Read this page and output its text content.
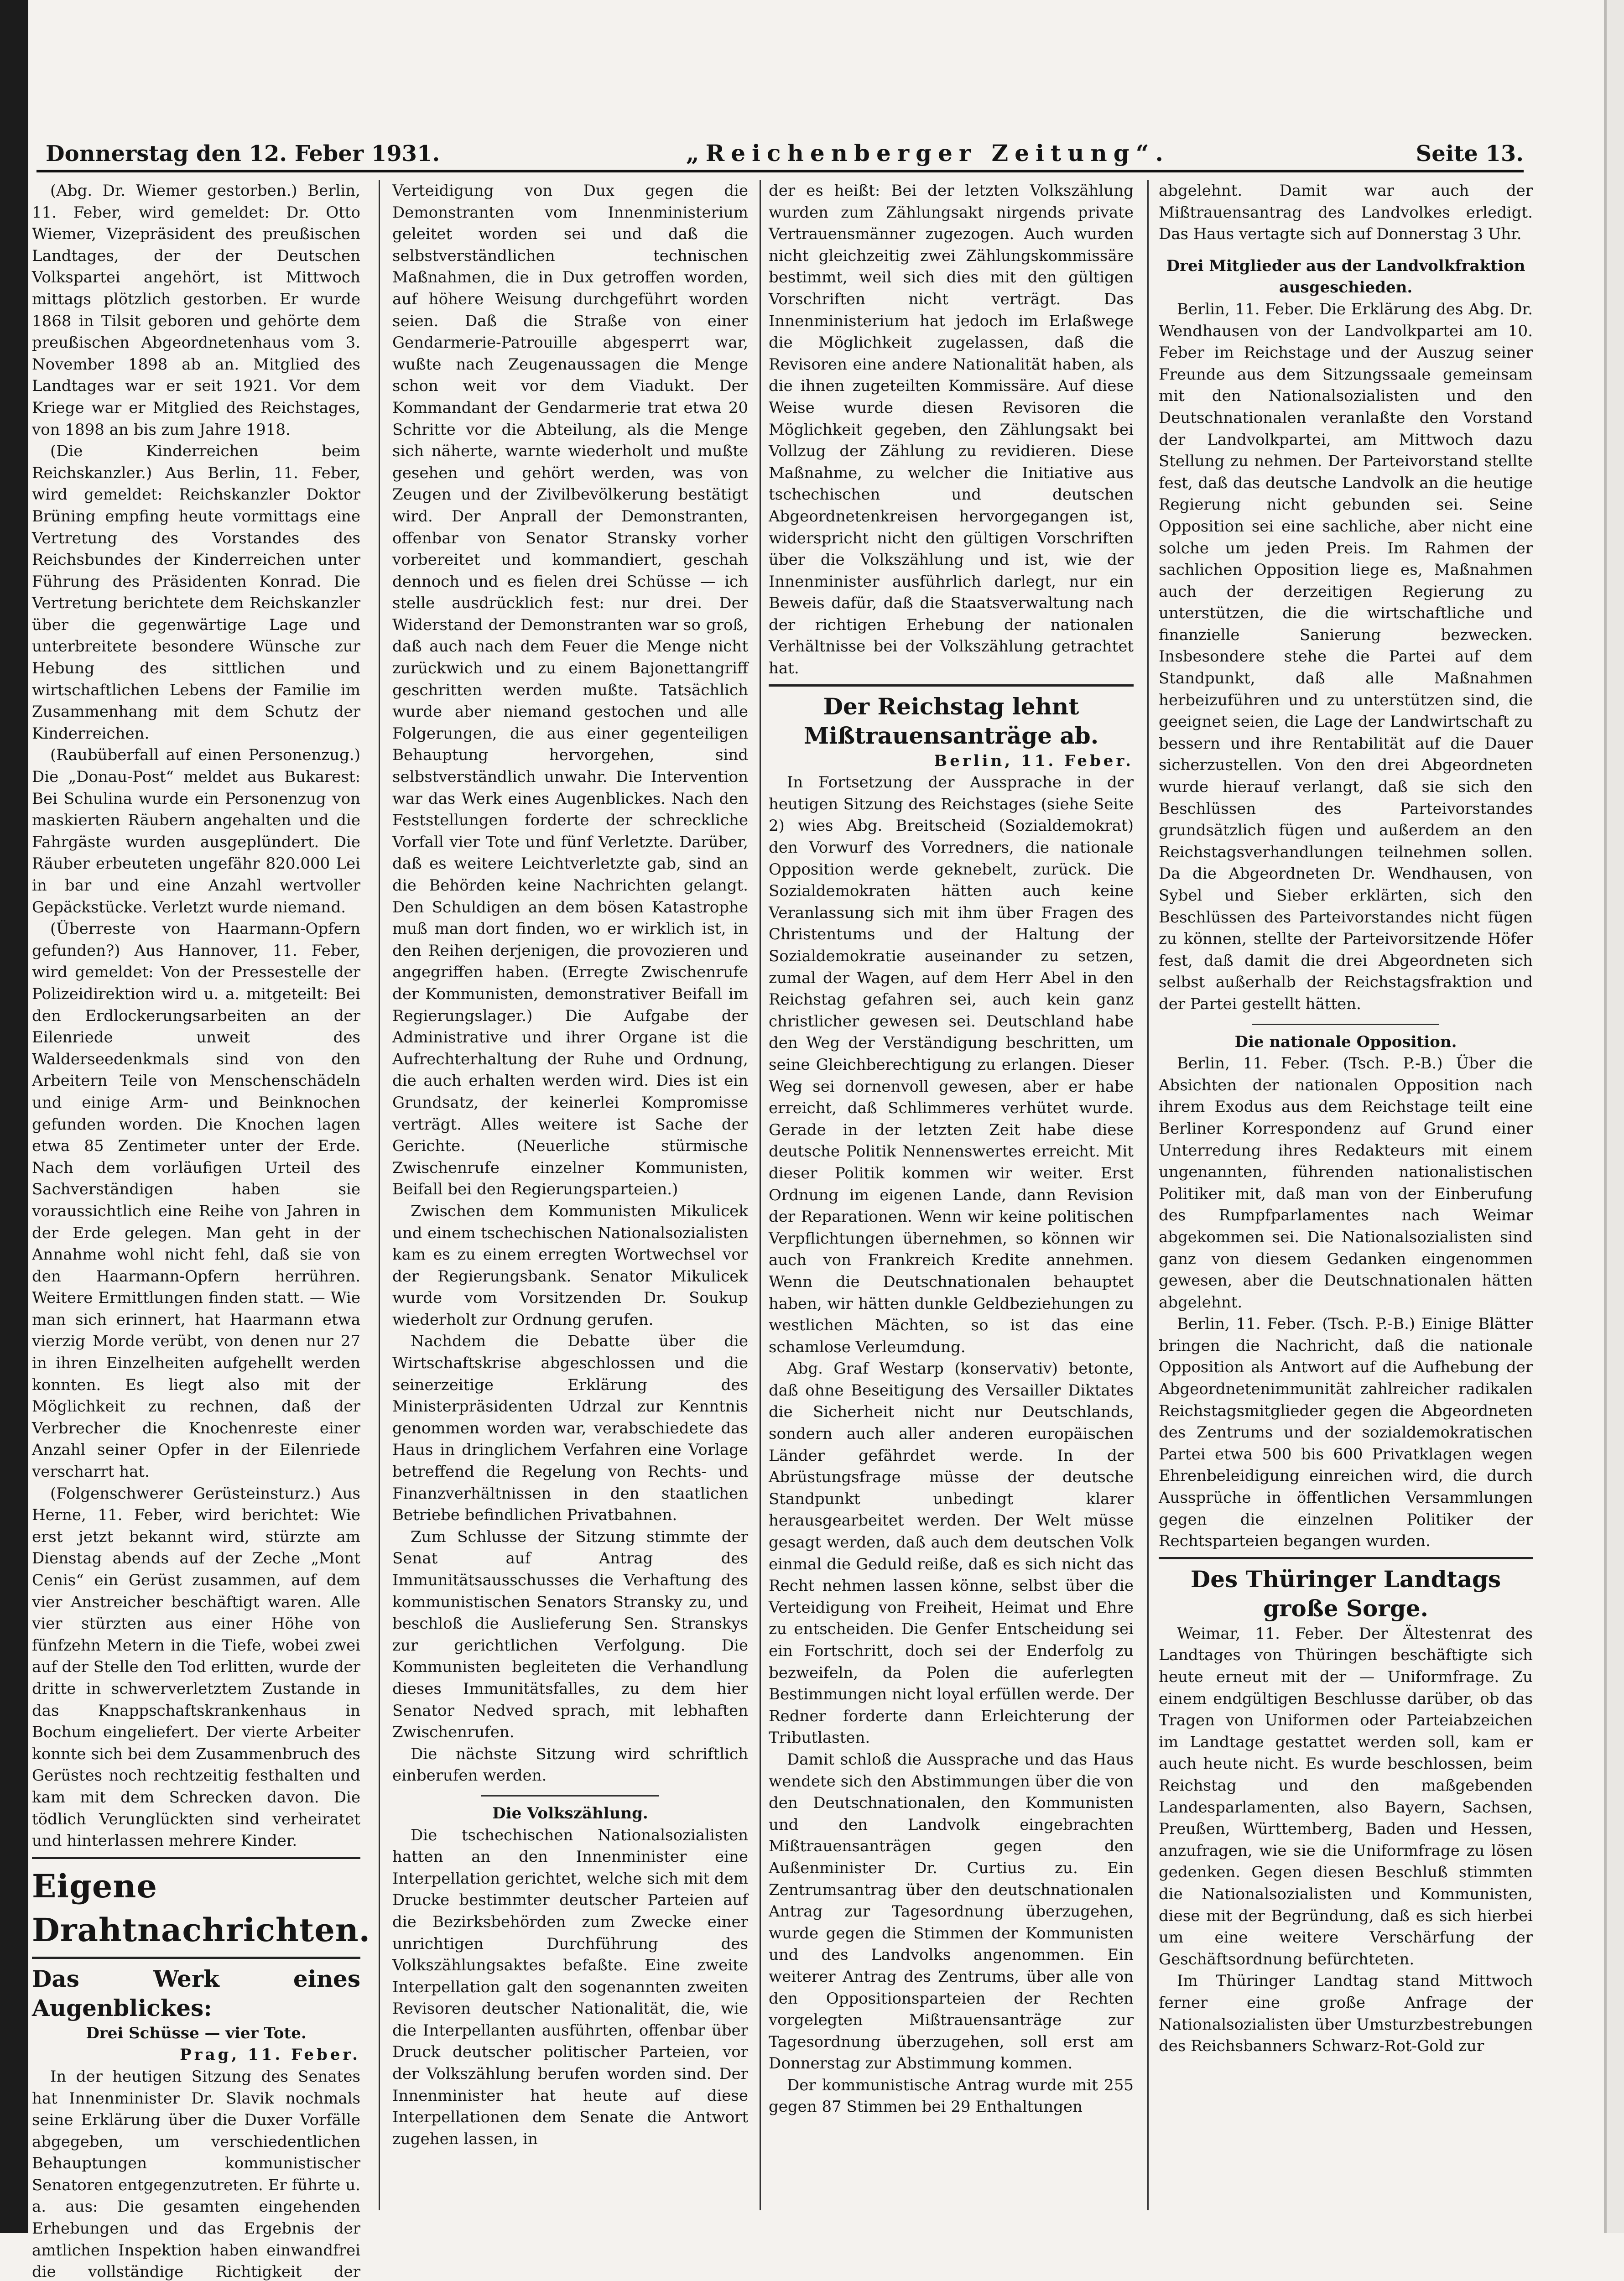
Donnerstag den 12. Feber 1931.	„Reichenberger Zeitung“.	Seite 13.

(Abg. Dr. Wiemer gestorben.) Berlin, 11. Feber, wird gemeldet: Dr. Otto Wiemer, Vizepräsident des preußischen Landtages, der der Deutschen Volkspartei angehört, ist Mittwoch mittags plötzlich gestorben. Er wurde 1868 in Tilsit geboren und gehörte dem preußischen Abgeordnetenhaus vom 3. November 1898 ab an. Mitglied des Landtages war er seit 1921. Vor dem Kriege war er Mitglied des Reichstages, von 1898 an bis zum Jahre 1918.

(Die Kinderreichen beim Reichskanzler.) Aus Berlin, 11. Feber, wird gemeldet: Reichskanzler Doktor Brüning empfing heute vormittags eine Vertretung des Vorstandes des Reichsbundes der Kinderreichen unter Führung des Präsidenten Konrad. Die Vertretung berichtete dem Reichskanzler über die gegenwärtige Lage und unterbreitete besondere Wünsche zur Hebung des sittlichen und wirtschaftlichen Lebens der Familie im Zusammenhang mit dem Schutz der Kinderreichen.

(Raubüberfall auf einen Personenzug.) Die „Donau-Post“ meldet aus Bukarest: Bei Schulina wurde ein Personenzug von maskierten Räubern angehalten und die Fahrgäste wurden ausgeplündert. Die Räuber erbeuteten ungefähr 820.000 Lei in bar und eine Anzahl wertvoller Gepäckstücke. Verletzt wurde niemand.

(Überreste von Haarmann-Opfern gefunden?) Aus Hannover, 11. Feber, wird gemeldet: Von der Pressestelle der Polizeidirektion wird u. a. mitgeteilt: Bei den Erdlockerungsarbeiten an der Eilenriede unweit des Walderseedenkmals sind von den Arbeitern Teile von Menschenschädeln und einige Arm- und Beinknochen gefunden worden. Die Knochen lagen etwa 85 Zentimeter unter der Erde. Nach dem vorläufigen Urteil des Sachverständigen haben sie voraussichtlich eine Reihe von Jahren in der Erde gelegen. Man geht in der Annahme wohl nicht fehl, daß sie von den Haarmann-Opfern herrühren. Weitere Ermittlungen finden statt. — Wie man sich erinnert, hat Haarmann etwa vierzig Morde verübt, von denen nur 27 in ihren Einzelheiten aufgehellt werden konnten. Es liegt also mit der Möglichkeit zu rechnen, daß der Verbrecher die Knochenreste einer Anzahl seiner Opfer in der Eilenriede verscharrt hat.

(Folgenschwerer Gerüsteinsturz.) Aus Herne, 11. Feber, wird berichtet: Wie erst jetzt bekannt wird, stürzte am Dienstag abends auf der Zeche „Mont Cenis“ ein Gerüst zusammen, auf dem vier Anstreicher beschäftigt waren. Alle vier stürzten aus einer Höhe von fünfzehn Metern in die Tiefe, wobei zwei auf der Stelle den Tod erlitten, wurde der dritte in schwerverletztem Zustande in das Knappschaftskrankenhaus in Bochum eingeliefert. Der vierte Arbeiter konnte sich bei dem Zusammenbruch des Gerüstes noch rechtzeitig festhalten und kam mit dem Schrecken davon. Die tödlich Verunglückten sind verheiratet und hinterlassen mehrere Kinder.

Eigene Drahtnachrichten.

Das Werk eines Augenblickes:

Drei Schüsse — vier Tote.

Prag, 11. Feber.

In der heutigen Sitzung des Senates hat Innenminister Dr. Slavik nochmals seine Erklärung über die Duxer Vorfälle abgegeben, um verschiedentlichen Behauptungen kommunistischer Senatoren entgegenzutreten. Er führte u. a. aus: Die gesamten eingehenden Erhebungen und das Ergebnis der amtlichen Inspektion haben einwandfrei die vollständige Richtigkeit der

Verteidigung von Dux gegen die Demonstranten vom Innenministerium geleitet worden sei und daß die selbstverständlichen technischen Maßnahmen, die in Dux getroffen worden, auf höhere Weisung durchgeführt worden seien. Daß die Straße von einer Gendarmerie-Patrouille abgesperrt war, wußte nach Zeugenaussagen die Menge schon weit vor dem Viadukt. Der Kommandant der Gendarmerie trat etwa 20 Schritte vor die Abteilung, als die Menge sich näherte, warnte wiederholt und mußte gesehen und gehört werden, was von Zeugen und der Zivilbevölkerung bestätigt wird. Der Anprall der Demonstranten, offenbar von Senator Stransky vorher vorbereitet und kommandiert, geschah dennoch und es fielen drei Schüsse — ich stelle ausdrücklich fest: nur drei. Der Widerstand der Demonstranten war so groß, daß auch nach dem Feuer die Menge nicht zurückwich und zu einem Bajonettangriff geschritten werden mußte. Tatsächlich wurde aber niemand gestochen und alle Folgerungen, die aus einer gegenteiligen Behauptung hervorgehen, sind selbstverständlich unwahr. Die Intervention war das Werk eines Augenblickes. Nach den Feststellungen forderte der schreckliche Vorfall vier Tote und fünf Verletzte. Darüber, daß es weitere Leichtverletzte gab, sind an die Behörden keine Nachrichten gelangt. Den Schuldigen an dem bösen Katastrophe muß man dort finden, wo er wirklich ist, in den Reihen derjenigen, die provozieren und angegriffen haben. (Erregte Zwischenrufe der Kommunisten, demonstrativer Beifall im Regierungslager.) Die Aufgabe der Administrative und ihrer Organe ist die Aufrechterhaltung der Ruhe und Ordnung, die auch erhalten werden wird. Dies ist ein Grundsatz, der keinerlei Kompromisse verträgt. Alles weitere ist Sache der Gerichte. (Neuerliche stürmische Zwischenrufe einzelner Kommunisten, Beifall bei den Regierungsparteien.)

Zwischen dem Kommunisten Mikulicek und einem tschechischen Nationalsozialisten kam es zu einem erregten Wortwechsel vor der Regierungsbank. Senator Mikulicek wurde vom Vorsitzenden Dr. Soukup wiederholt zur Ordnung gerufen.

Nachdem die Debatte über die Wirtschaftskrise abgeschlossen und die seinerzeitige Erklärung des Ministerpräsidenten Udrzal zur Kenntnis genommen worden war, verabschiedete das Haus in dringlichem Verfahren eine Vorlage betreffend die Regelung von Rechts- und Finanzverhältnissen in den staatlichen Betriebe befindlichen Privatbahnen.

Zum Schlusse der Sitzung stimmte der Senat auf Antrag des Immunitätsausschusses die Verhaftung des kommunistischen Senators Stransky zu, und beschloß die Auslieferung Sen. Stranskys zur gerichtlichen Verfolgung. Die Kommunisten begleiteten die Verhandlung dieses Immunitätsfalles, zu dem hier Senator Nedved sprach, mit lebhaften Zwischenrufen.

Die nächste Sitzung wird schriftlich einberufen werden.

Die Volkszählung.

Die tschechischen Nationalsozialisten hatten an den Innenminister eine Interpellation gerichtet, welche sich mit dem Drucke bestimmter deutscher Parteien auf die Bezirksbehörden zum Zwecke einer unrichtigen Durchführung des Volkszählungsaktes befaßte. Eine zweite Interpellation galt den sogenannten zweiten Revisoren deutscher Nationalität, die, wie die Interpellanten ausführten, offenbar über Druck deutscher politischer Parteien, vor der Volkszählung berufen worden sind. Der Innenminister hat heute auf diese Interpellationen dem Senate die Antwort zugehen lassen, in

der es heißt: Bei der letzten Volkszählung wurden zum Zählungsakt nirgends private Vertrauensmänner zugezogen. Auch wurden nicht gleichzeitig zwei Zählungskommissäre bestimmt, weil sich dies mit den gültigen Vorschriften nicht verträgt. Das Innenministerium hat jedoch im Erlaßwege die Möglichkeit zugelassen, daß die Revisoren eine andere Nationalität haben, als die ihnen zugeteilten Kommissäre. Auf diese Weise wurde diesen Revisoren die Möglichkeit gegeben, den Zählungsakt bei Vollzug der Zählung zu revidieren. Diese Maßnahme, zu welcher die Initiative aus tschechischen und deutschen Abgeordnetenkreisen hervorgegangen ist, widerspricht nicht den gültigen Vorschriften über die Volkszählung und ist, wie der Innenminister ausführlich darlegt, nur ein Beweis dafür, daß die Staatsverwaltung nach der richtigen Erhebung der nationalen Verhältnisse bei der Volkszählung getrachtet hat.

Der Reichstag lehnt

Mißtrauensanträge ab.

Berlin, 11. Feber.

In Fortsetzung der Aussprache in der heutigen Sitzung des Reichstages (siehe Seite 2) wies Abg. Breitscheid (Sozialdemokrat) den Vorwurf des Vorredners, die nationale Opposition werde geknebelt, zurück. Die Sozialdemokraten hätten auch keine Veranlassung sich mit ihm über Fragen des Christentums und der Haltung der Sozialdemokratie auseinander zu setzen, zumal der Wagen, auf dem Herr Abel in den Reichstag gefahren sei, auch kein ganz christlicher gewesen sei. Deutschland habe den Weg der Verständigung beschritten, um seine Gleichberechtigung zu erlangen. Dieser Weg sei dornenvoll gewesen, aber er habe erreicht, daß Schlimmeres verhütet wurde. Gerade in der letzten Zeit habe diese deutsche Politik Nennenswertes erreicht. Mit dieser Politik kommen wir weiter. Erst Ordnung im eigenen Lande, dann Revision der Reparationen. Wenn wir keine politischen Verpflichtungen übernehmen, so können wir auch von Frankreich Kredite annehmen. Wenn die Deutschnationalen behauptet haben, wir hätten dunkle Geldbeziehungen zu westlichen Mächten, so ist das eine schamlose Verleumdung.

Abg. Graf Westarp (konservativ) betonte, daß ohne Beseitigung des Versailler Diktates die Sicherheit nicht nur Deutschlands, sondern auch aller anderen europäischen Länder gefährdet werde. In der Abrüstungsfrage müsse der deutsche Standpunkt unbedingt klarer herausgearbeitet werden. Der Welt müsse gesagt werden, daß auch dem deutschen Volk einmal die Geduld reiße, daß es sich nicht das Recht nehmen lassen könne, selbst über die Verteidigung von Freiheit, Heimat und Ehre zu entscheiden. Die Genfer Entscheidung sei ein Fortschritt, doch sei der Enderfolg zu bezweifeln, da Polen die auferlegten Bestimmungen nicht loyal erfüllen werde. Der Redner forderte dann Erleichterung der Tributlasten.

Damit schloß die Aussprache und das Haus wendete sich den Abstimmungen über die von den Deutschnationalen, den Kommunisten und den Landvolk eingebrachten Mißtrauensanträgen gegen den Außenminister Dr. Curtius zu. Ein Zentrumsantrag über den deutschnationalen Antrag zur Tagesordnung überzugehen, wurde gegen die Stimmen der Kommunisten und des Landvolks angenommen. Ein weiterer Antrag des Zentrums, über alle von den Oppositionsparteien der Rechten vorgelegten Mißtrauensanträge zur Tagesordnung überzugehen, soll erst am Donnerstag zur Abstimmung kommen.

Der kommunistische Antrag wurde mit 255 gegen 87 Stimmen bei 29 Enthaltungen

abgelehnt. Damit war auch der Mißtrauensantrag des Landvolkes erledigt. Das Haus vertagte sich auf Donnerstag 3 Uhr.

Drei Mitglieder aus der Landvolkfraktion ausgeschieden.

Berlin, 11. Feber. Die Erklärung des Abg. Dr. Wendhausen von der Landvolkpartei am 10. Feber im Reichstage und der Auszug seiner Freunde aus dem Sitzungssaale gemeinsam mit den Nationalsozialisten und den Deutschnationalen veranlaßte den Vorstand der Landvolkpartei, am Mittwoch dazu Stellung zu nehmen. Der Parteivorstand stellte fest, daß das deutsche Landvolk an die heutige Regierung nicht gebunden sei. Seine Opposition sei eine sachliche, aber nicht eine solche um jeden Preis. Im Rahmen der sachlichen Opposition liege es, Maßnahmen auch der derzeitigen Regierung zu unterstützen, die die wirtschaftliche und finanzielle Sanierung bezwecken. Insbesondere stehe die Partei auf dem Standpunkt, daß alle Maßnahmen herbeizuführen und zu unterstützen sind, die geeignet seien, die Lage der Landwirtschaft zu bessern und ihre Rentabilität auf die Dauer sicherzustellen. Von den drei Abgeordneten wurde hierauf verlangt, daß sie sich den Beschlüssen des Parteivorstandes grundsätzlich fügen und außerdem an den Reichstagsverhandlungen teilnehmen sollen. Da die Abgeordneten Dr. Wendhausen, von Sybel und Sieber erklärten, sich den Beschlüssen des Parteivorstandes nicht fügen zu können, stellte der Parteivorsitzende Höfer fest, daß damit die drei Abgeordneten sich selbst außerhalb der Reichstagsfraktion und der Partei gestellt hätten.

Die nationale Opposition.

Berlin, 11. Feber. (Tsch. P.-B.) Über die Absichten der nationalen Opposition nach ihrem Exodus aus dem Reichstage teilt eine Berliner Korrespondenz auf Grund einer Unterredung ihres Redakteurs mit einem ungenannten, führenden nationalistischen Politiker mit, daß man von der Einberufung des Rumpfparlamentes nach Weimar abgekommen sei. Die Nationalsozialisten sind ganz von diesem Gedanken eingenommen gewesen, aber die Deutschnationalen hätten abgelehnt.

Berlin, 11. Feber. (Tsch. P.-B.) Einige Blätter bringen die Nachricht, daß die nationale Opposition als Antwort auf die Aufhebung der Abgeordnetenimmunität zahlreicher radikalen Reichstagsmitglieder gegen die Abgeordneten des Zentrums und der sozialdemokratischen Partei etwa 500 bis 600 Privatklagen wegen Ehrenbeleidigung einreichen wird, die durch Aussprüche in öffentlichen Versammlungen gegen die einzelnen Politiker der Rechtsparteien begangen wurden.

Des Thüringer Landtags

große Sorge.

Weimar, 11. Feber. Der Ältestenrat des Landtages von Thüringen beschäftigte sich heute erneut mit der — Uniformfrage. Zu einem endgültigen Beschlusse darüber, ob das Tragen von Uniformen oder Parteiabzeichen im Landtage gestattet werden soll, kam er auch heute nicht. Es wurde beschlossen, beim Reichstag und den maßgebenden Landesparlamenten, also Bayern, Sachsen, Preußen, Württemberg, Baden und Hessen, anzufragen, wie sie die Uniformfrage zu lösen gedenken. Gegen diesen Beschluß stimmten die Nationalsozialisten und Kommunisten, diese mit der Begründung, daß es sich hierbei um eine weitere Verschärfung der Geschäftsordnung befürchteten.

Im Thüringer Landtag stand Mittwoch ferner eine große Anfrage der Nationalsozialisten über Umsturzbestrebungen des Reichsbanners Schwarz-Rot-Gold zur
